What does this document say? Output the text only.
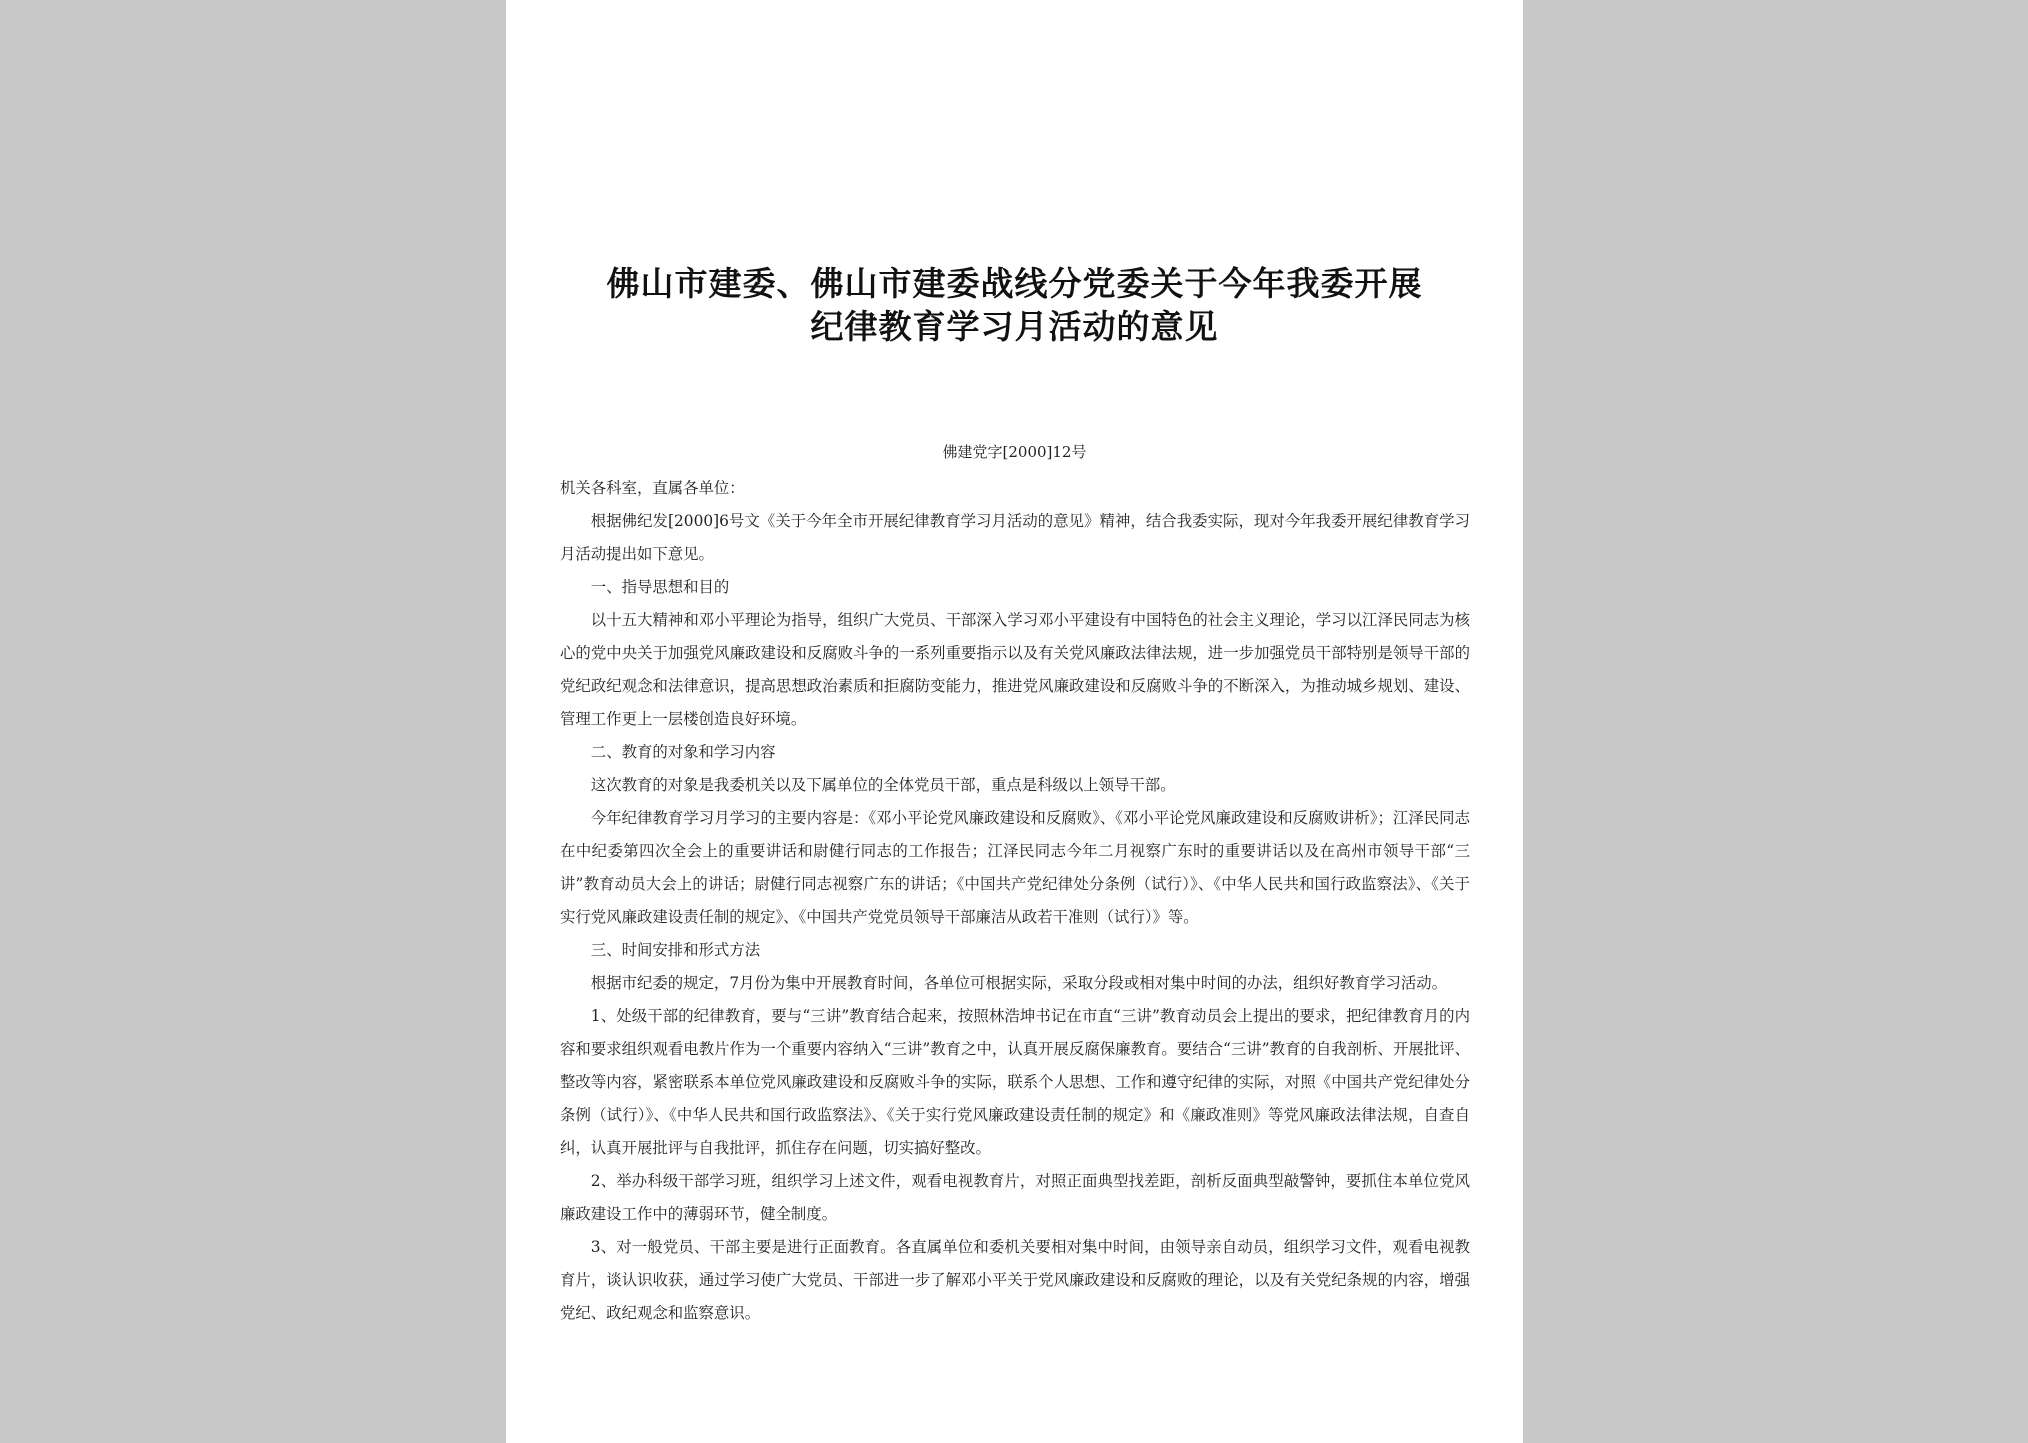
佛山市建委、佛山市建委战线分党委关于今年我委开展
纪律教育学习月活动的意见
佛建党字[2000]12号

机关各科室，直属各单位：

根据佛纪发[2000]6号文《关于今年全市开展纪律教育学习月活动的意见》精神，结合我委实际，现对今年我委开展纪律教育学习月活动提出如下意见。

一、指导思想和目的

以十五大精神和邓小平理论为指导，组织广大党员、干部深入学习邓小平建设有中国特色的社会主义理论，学习以江泽民同志为核心的党中央关于加强党风廉政建设和反腐败斗争的一系列重要指示以及有关党风廉政法律法规，进一步加强党员干部特别是领导干部的党纪政纪观念和法律意识，提高思想政治素质和拒腐防变能力，推进党风廉政建设和反腐败斗争的不断深入，为推动城乡规划、建设、管理工作更上一层楼创造良好环境。

二、教育的对象和学习内容

这次教育的对象是我委机关以及下属单位的全体党员干部，重点是科级以上领导干部。

今年纪律教育学习月学习的主要内容是：《邓小平论党风廉政建设和反腐败》、《邓小平论党风廉政建设和反腐败讲析》；江泽民同志在中纪委第四次全会上的重要讲话和尉健行同志的工作报告；江泽民同志今年二月视察广东时的重要讲话以及在高州市领导干部“三讲”教育动员大会上的讲话；尉健行同志视察广东的讲话；《中国共产党纪律处分条例（试行）》、《中华人民共和国行政监察法》、《关于实行党风廉政建设责任制的规定》、《中国共产党党员领导干部廉洁从政若干准则（试行）》等。

三、时间安排和形式方法

根据市纪委的规定，7月份为集中开展教育时间，各单位可根据实际，采取分段或相对集中时间的办法，组织好教育学习活动。

1、处级干部的纪律教育，要与“三讲”教育结合起来，按照林浩坤书记在市直“三讲”教育动员会上提出的要求，把纪律教育月的内容和要求组织观看电教片作为一个重要内容纳入“三讲”教育之中，认真开展反腐保廉教育。要结合“三讲”教育的自我剖析、开展批评、整改等内容，紧密联系本单位党风廉政建设和反腐败斗争的实际，联系个人思想、工作和遵守纪律的实际，对照《中国共产党纪律处分条例（试行）》、《中华人民共和国行政监察法》、《关于实行党风廉政建设责任制的规定》和《廉政准则》等党风廉政法律法规，自查自纠，认真开展批评与自我批评，抓住存在问题，切实搞好整改。

2、举办科级干部学习班，组织学习上述文件，观看电视教育片，对照正面典型找差距，剖析反面典型敲警钟，要抓住本单位党风廉政建设工作中的薄弱环节，健全制度。

3、对一般党员、干部主要是进行正面教育。各直属单位和委机关要相对集中时间，由领导亲自动员，组织学习文件，观看电视教育片，谈认识收获，通过学习使广大党员、干部进一步了解邓小平关于党风廉政建设和反腐败的理论，以及有关党纪条规的内容，增强党纪、政纪观念和监察意识。
